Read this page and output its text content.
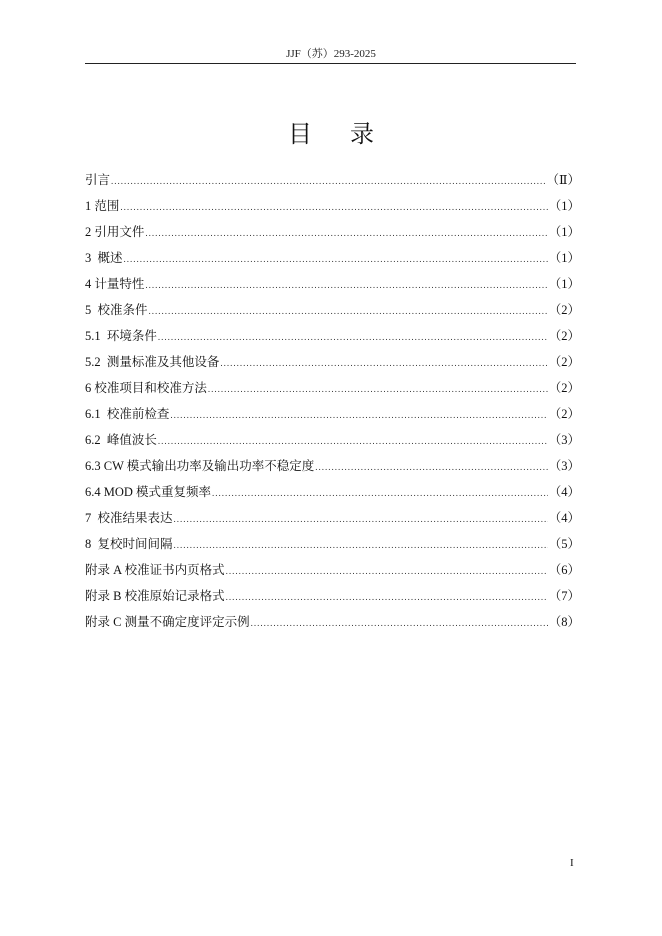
JJF（苏）293-2025
目录
引言 .....	（Ⅱ）
1 范围 .....	（1）
2 引用文件 .....	（1）
3  概述 .....	（1）
4 计量特性 .....	（1）
5  校准条件 .....	（2）
5.1  环境条件 .....	（2）
5.2  测量标准及其他设备 .....	（2）
6 校准项目和校准方法 .....	（2）
6.1  校准前检查 .....	（2）
6.2  峰值波长 .....	（3）
6.3 CW 模式输出功率及输出功率不稳定度 .....	（3）
6.4 MOD 模式重复频率 .....	（4）
7  校准结果表达 .....	（4）
8  复校时间间隔 .....	（5）
附录 A 校准证书内页格式 .....	（6）
附录 B 校准原始记录格式 .....	（7）
附录 C 测量不确定度评定示例 .....	（8）
I
